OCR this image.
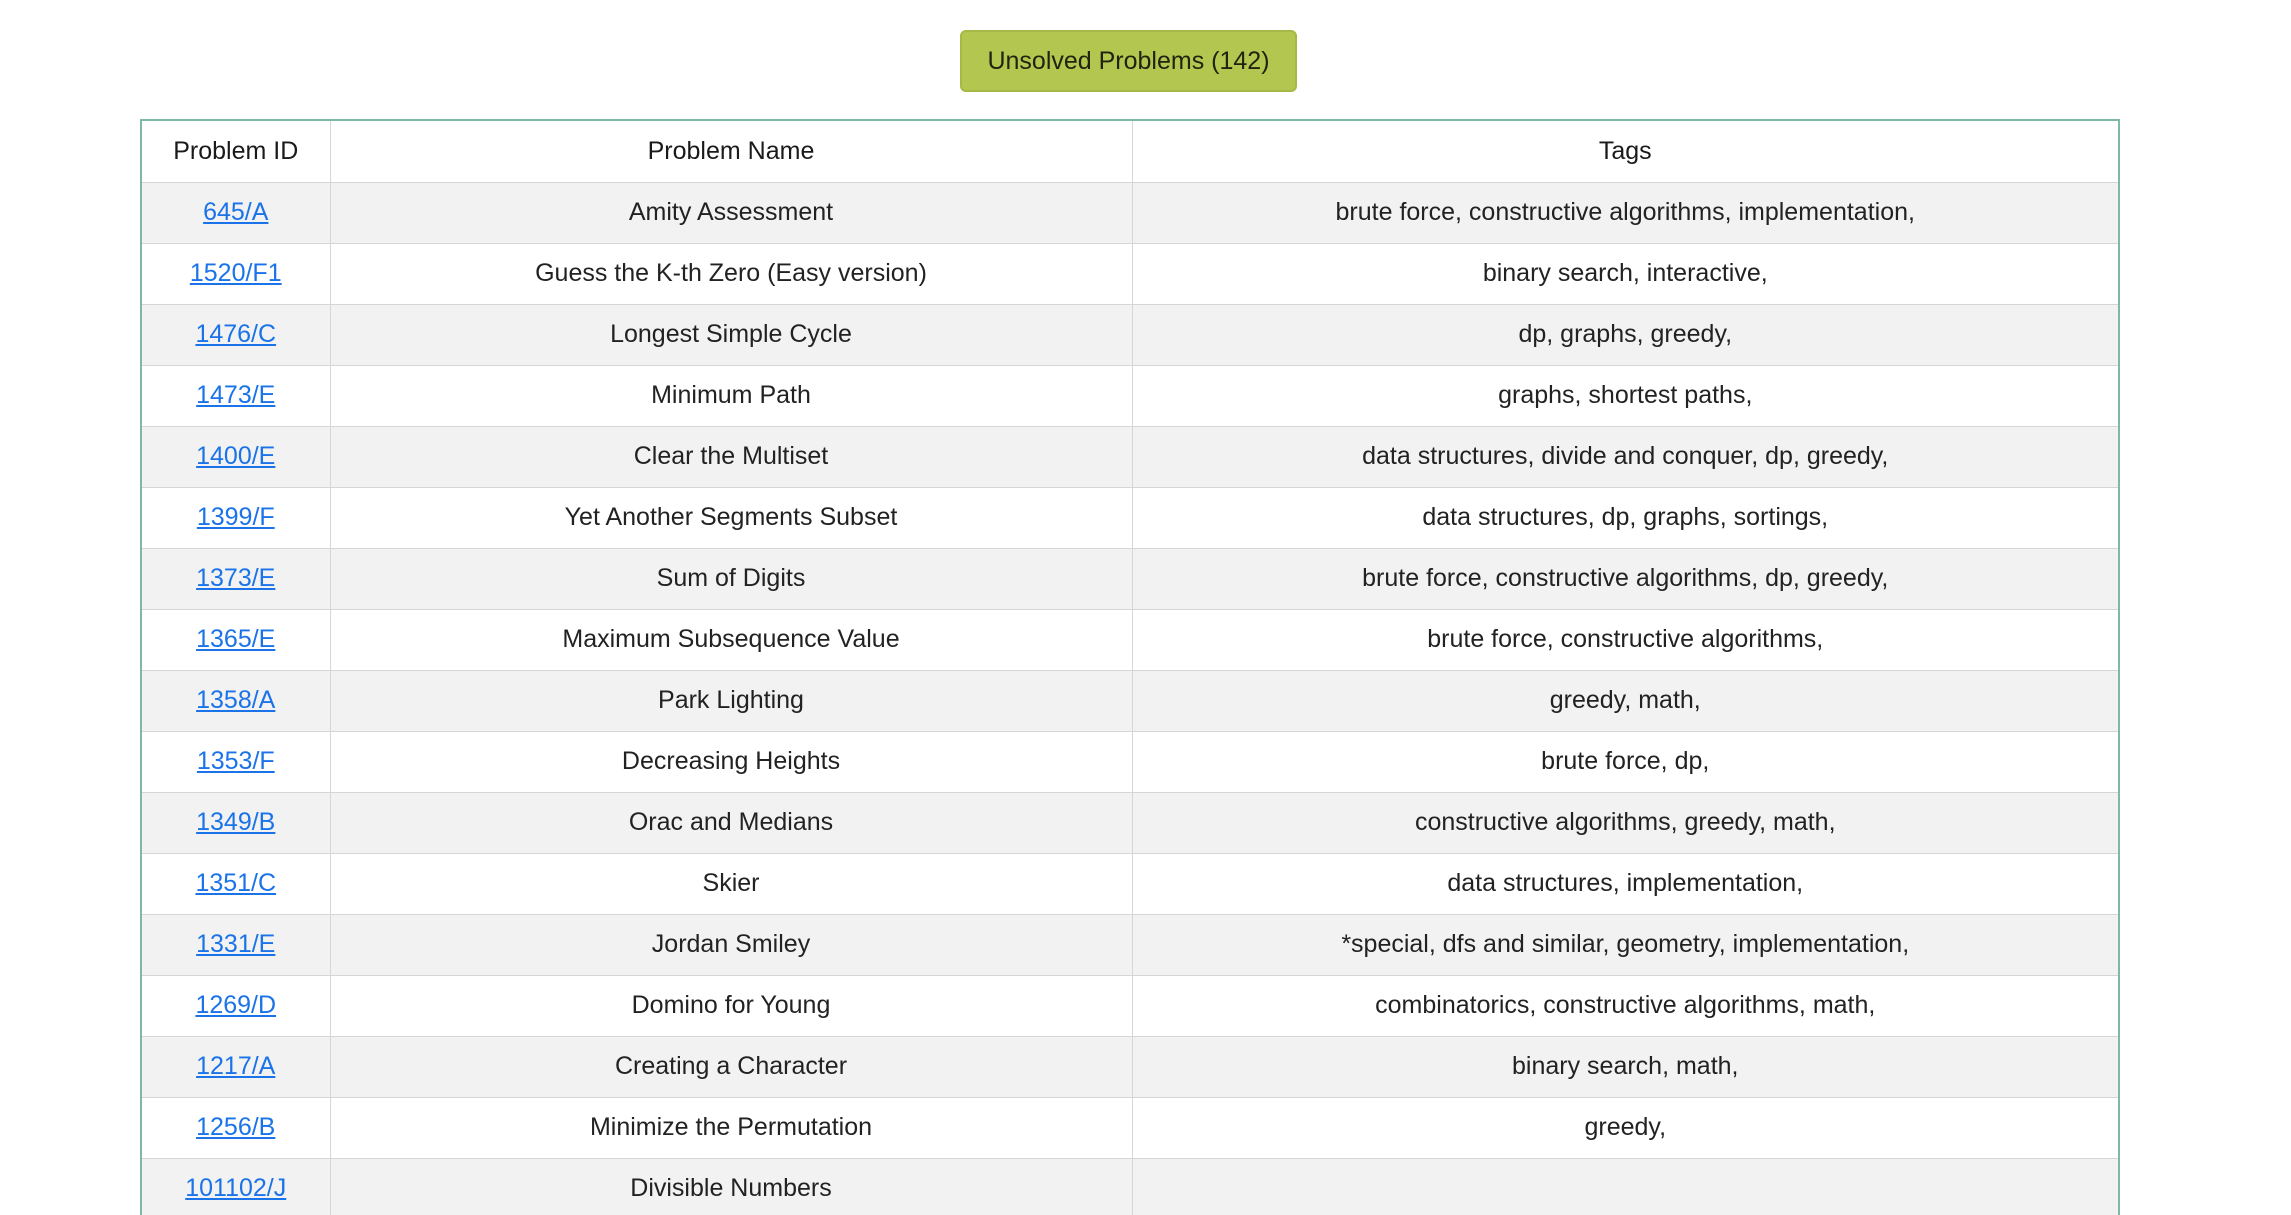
Unsolved Problems (142)
Problem ID	Problem Name	Tags
645/A	Amity Assessment	brute force, constructive algorithms, implementation,
1520/F1	Guess the K-th Zero (Easy version)	binary search, interactive,
1476/C	Longest Simple Cycle	dp, graphs, greedy,
1473/E	Minimum Path	graphs, shortest paths,
1400/E	Clear the Multiset	data structures, divide and conquer, dp, greedy,
1399/F	Yet Another Segments Subset	data structures, dp, graphs, sortings,
1373/E	Sum of Digits	brute force, constructive algorithms, dp, greedy,
1365/E	Maximum Subsequence Value	brute force, constructive algorithms,
1358/A	Park Lighting	greedy, math,
1353/F	Decreasing Heights	brute force, dp,
1349/B	Orac and Medians	constructive algorithms, greedy, math,
1351/C	Skier	data structures, implementation,
1331/E	Jordan Smiley	*special, dfs and similar, geometry, implementation,
1269/D	Domino for Young	combinatorics, constructive algorithms, math,
1217/A	Creating a Character	binary search, math,
1256/B	Minimize the Permutation	greedy,
101102/J	Divisible Numbers	
